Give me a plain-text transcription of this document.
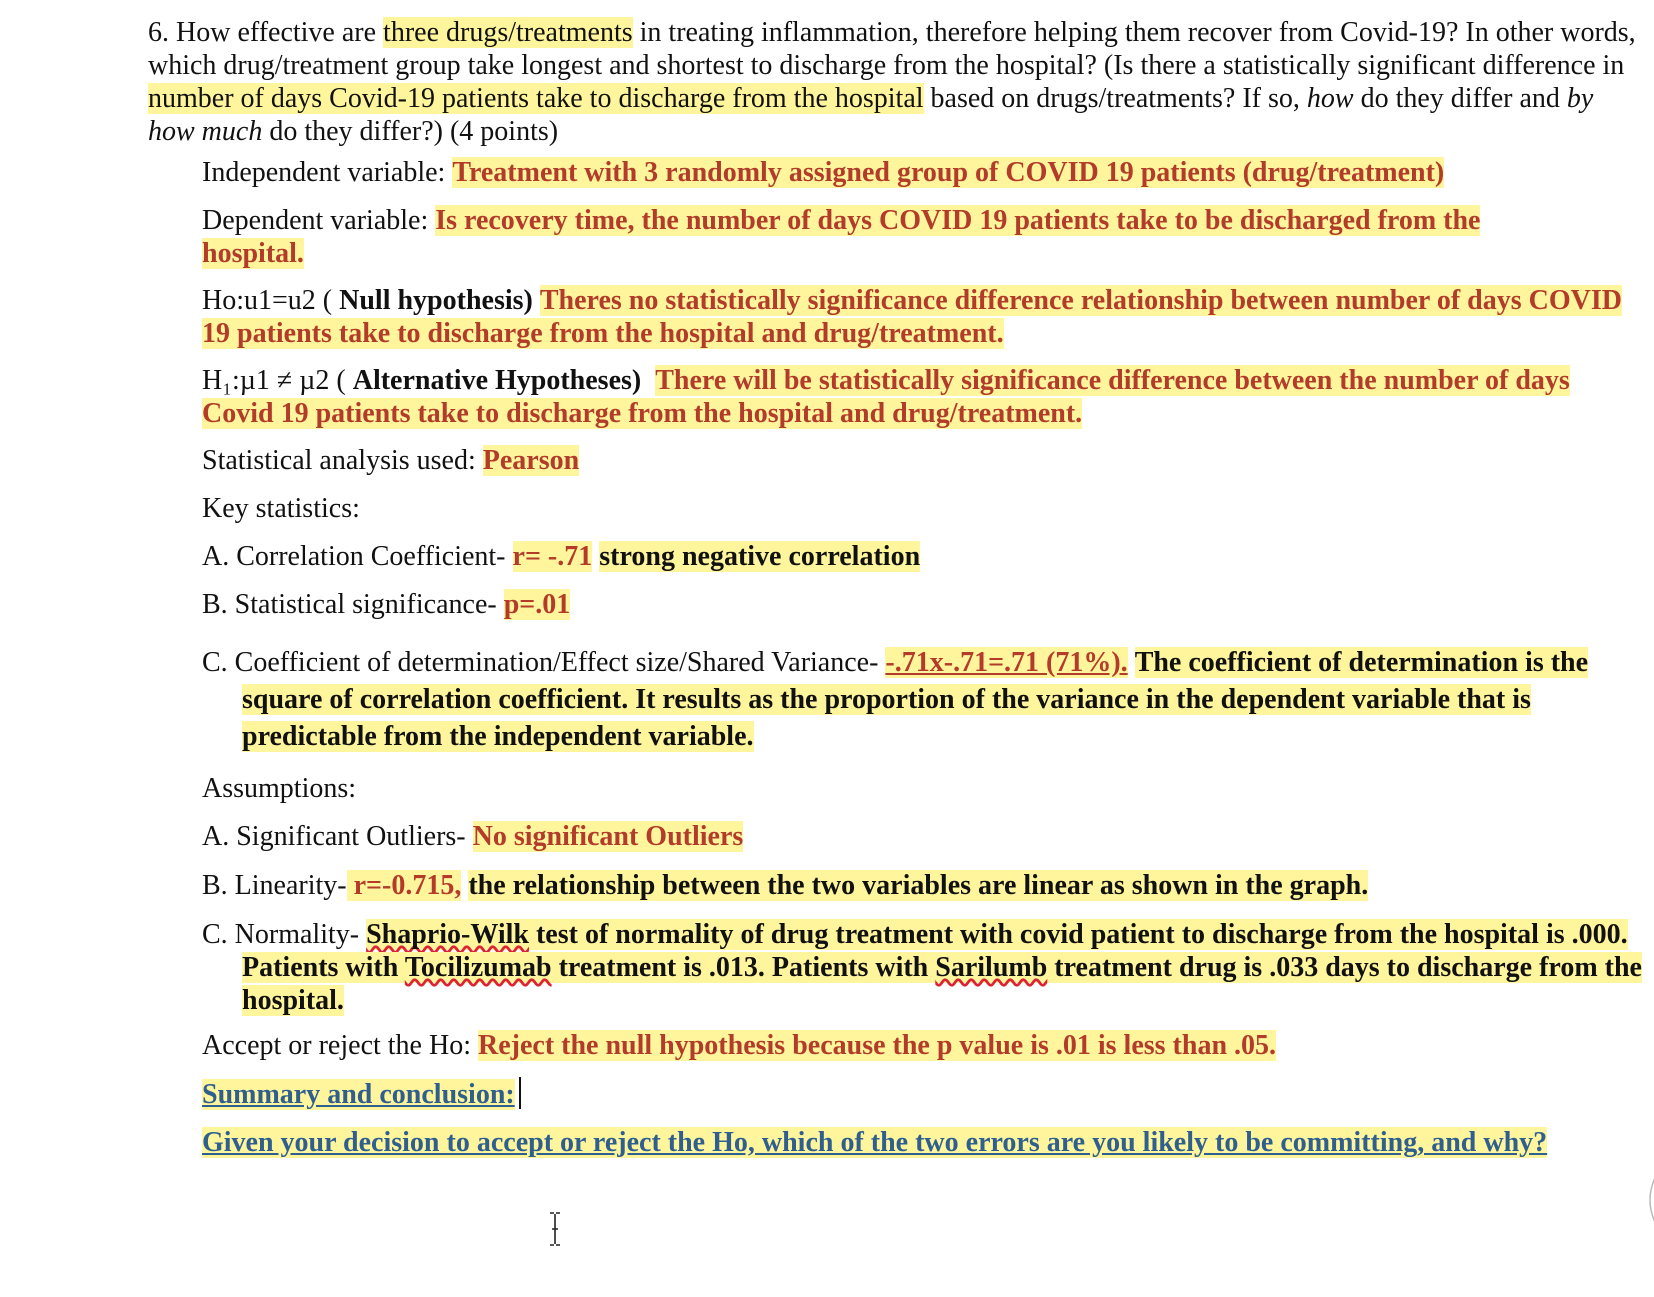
6. How effective are three drugs/treatments in treating inflammation, therefore helping them recover from Covid-19? In other words, which drug/treatment group take longest and shortest to discharge from the hospital? (Is there a statistically significant difference in number of days Covid-19 patients take to discharge from the hospital based on drugs/treatments? If so, how do they differ and by how much do they differ?) (4 points)
Independent variable: Treatment with 3 randomly assigned group of COVID 19 patients (drug/treatment)
Dependent variable: Is recovery time, the number of days COVID 19 patients take to be discharged from the hospital.
Ho:u1=u2 ( Null hypothesis) Theres no statistically significance difference relationship between number of days COVID 19 patients take to discharge from the hospital and drug/treatment.
H₁:µ1 ≠ µ2 ( Alternative Hypotheses) There will be statistically significance difference between the number of days Covid 19 patients take to discharge from the hospital and drug/treatment.
Statistical analysis used: Pearson
Key statistics:
A. Correlation Coefficient- r= -.71 strong negative correlation
B. Statistical significance- p=.01
C. Coefficient of determination/Effect size/Shared Variance- -.71x-.71=.71 (71%). The coefficient of determination is the square of correlation coefficient. It results as the proportion of the variance in the dependent variable that is predictable from the independent variable.
Assumptions:
A. Significant Outliers- No significant Outliers
B. Linearity- r=-0.715, the relationship between the two variables are linear as shown in the graph.
C. Normality- Shaprio-Wilk test of normality of drug treatment with covid patient to discharge from the hospital is .000. Patients with Tocilizumab treatment is .013. Patients with Sarilumb treatment drug is .033 days to discharge from the hospital.
Accept or reject the Ho: Reject the null hypothesis because the p value is .01 is less than .05.
Summary and conclusion:
Given your decision to accept or reject the Ho, which of the two errors are you likely to be committing, and why?
